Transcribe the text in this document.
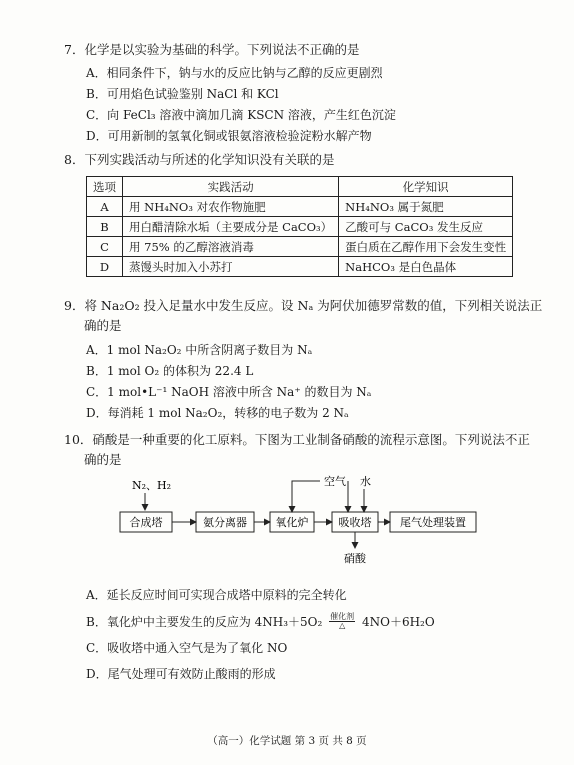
7．化学是以实验为基础的科学。下列说法不正确的是
A．相同条件下，钠与水的反应比钠与乙醇的反应更剧烈
B．可用焰色试验鉴别 NaCl 和 KCl
C．向 FeCl₃ 溶液中滴加几滴 KSCN 溶液，产生红色沉淀
D．可用新制的氢氧化铜或银氨溶液检验淀粉水解产物
8．下列实践活动与所述的化学知识没有关联的是
选项	实践活动	化学知识
A	用 NH₄NO₃ 对农作物施肥	NH₄NO₃ 属于氮肥
B	用白醋清除水垢（主要成分是 CaCO₃）	乙酸可与 CaCO₃ 发生反应
C	用 75% 的乙醇溶液消毒	蛋白质在乙醇作用下会发生变性
D	蒸馒头时加入小苏打	NaHCO₃ 是白色晶体
9．将 Na₂O₂ 投入足量水中发生反应。设 Nₐ 为阿伏加德罗常数的值，下列相关说法正
确的是
A．1 mol Na₂O₂ 中所含阴离子数目为 Nₐ
B．1 mol O₂ 的体积为 22.4 L
C．1 mol•L⁻¹ NaOH 溶液中所含 Na⁺ 的数目为 Nₐ
D．每消耗 1 mol Na₂O₂，转移的电子数为 2 Nₐ
10．硝酸是一种重要的化工原料。下图为工业制备硝酸的流程示意图。下列说法不正
确的是
N₂、H₂	空气 水
合成塔	氨分离器	氧化炉	吸收塔	尾气处理装置
硝酸
A．延长反应时间可实现合成塔中原料的完全转化
B．氧化炉中主要发生的反应为 4NH₃＋5O₂ 催化剂
△	4NO＋6H₂O
C．吸收塔中通入空气是为了氧化 NO
D．尾气处理可有效防止酸雨的形成
（高一）化学试题 第 3 页 共 8 页
